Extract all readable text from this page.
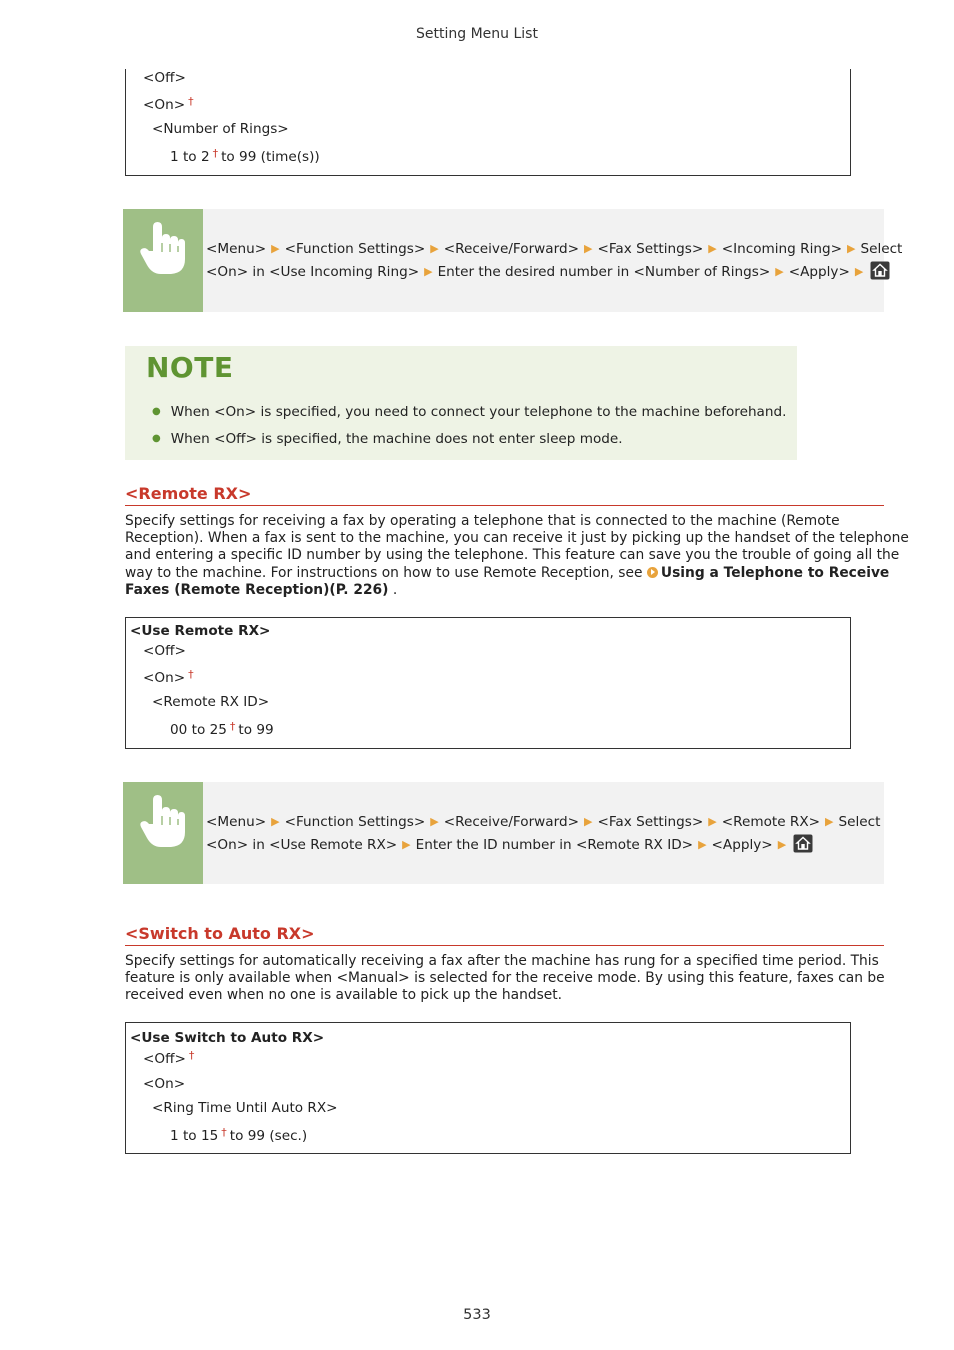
Setting Menu List
<Off>
<On> †
<Number of Rings>
1 to 2 † to 99 (time(s))
<Menu> ▶ <Function Settings> ▶ <Receive/Forward> ▶ <Fax Settings> ▶ <Incoming Ring> ▶ Select
<On> in <Use Incoming Ring> ▶ Enter the desired number in <Number of Rings> ▶ <Apply> ▶
NOTE
● When <On> is specified, you need to connect your telephone to the machine beforehand.
● When <Off> is specified, the machine does not enter sleep mode.
<Remote RX>
Specify settings for receiving a fax by operating a telephone that is connected to the machine (Remote
Reception). When a fax is sent to the machine, you can receive it just by picking up the handset of the telephone
and entering a specific ID number by using the telephone. This feature can save you the trouble of going all the
way to the machine. For instructions on how to use Remote Reception, see Using a Telephone to Receive
Faxes (Remote Reception)(P. 226) .
<Use Remote RX>
<Off>
<On> †
<Remote RX ID>
00 to 25 † to 99
<Menu> ▶ <Function Settings> ▶ <Receive/Forward> ▶ <Fax Settings> ▶ <Remote RX> ▶ Select
<On> in <Use Remote RX> ▶ Enter the ID number in <Remote RX ID> ▶ <Apply> ▶
<Switch to Auto RX>
Specify settings for automatically receiving a fax after the machine has rung for a specified time period. This
feature is only available when <Manual> is selected for the receive mode. By using this feature, faxes can be
received even when no one is available to pick up the handset.
<Use Switch to Auto RX>
<Off> †
<On>
<Ring Time Until Auto RX>
1 to 15 † to 99 (sec.)
533
